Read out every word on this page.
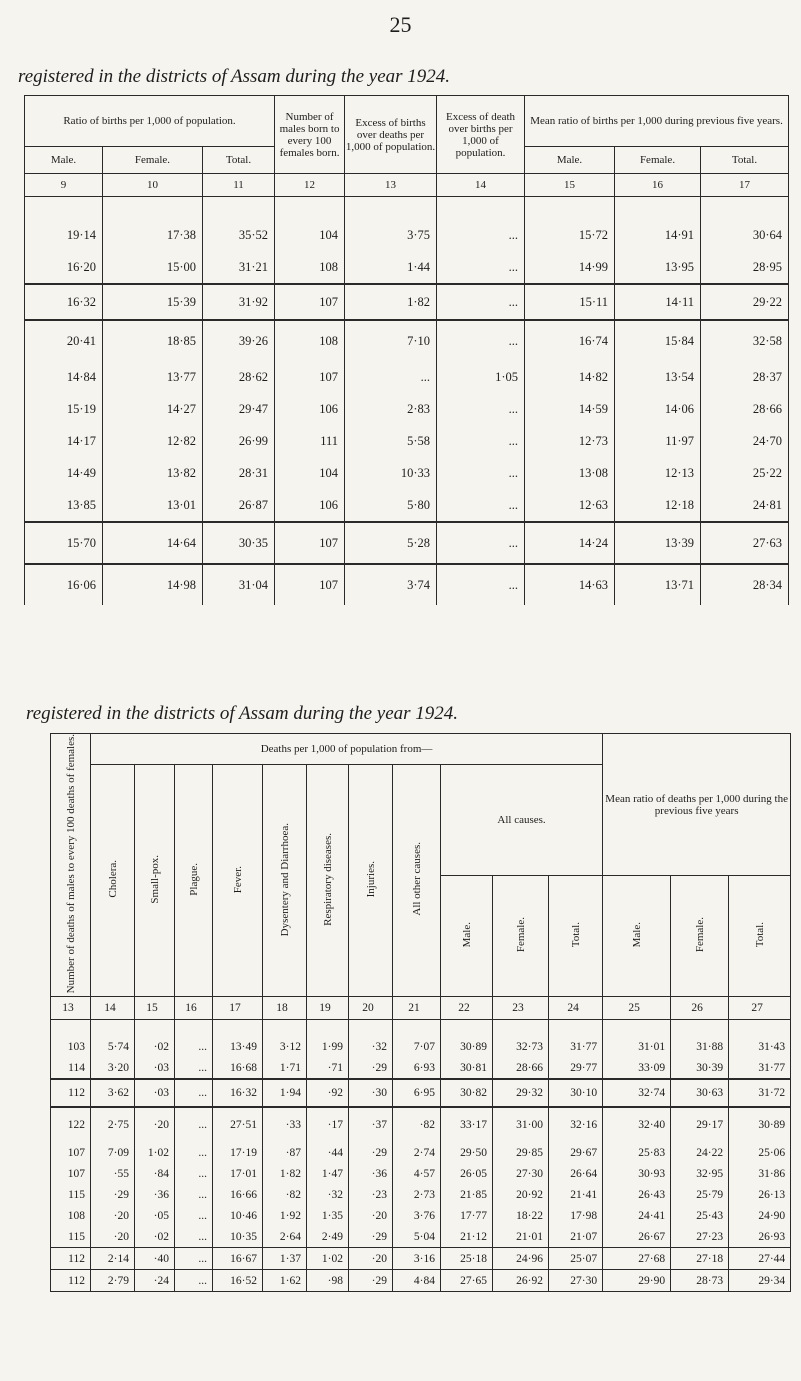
25
registered in the districts of Assam during the year 1924.
Ratio of births per 1,000 of population.			Number of males born to every 100 females born.	Excess of births over deaths per 1,000 of population.	Excess of death over births per 1,000 of population.	Mean ratio of births per 1,000 during previous five years.		
Male.	Female.	Total.				Male.	Female.	Total.
9	10	11	12	13	14	15	16	17

19·14	17·38	35·52	104	3·75	...	15·72	14·91	30·64
16·20	15·00	31·21	108	1·44	...	14·99	13·95	28·95
16·32	15·39	31·92	107	1·82	...	15·11	14·11	29·22
20·41	18·85	39·26	108	7·10	...	16·74	15·84	32·58
14·84	13·77	28·62	107	...	1·05	14·82	13·54	28·37
15·19	14·27	29·47	106	2·83	...	14·59	14·06	28·66
14·17	12·82	26·99	111	5·58	...	12·73	11·97	24·70
14·49	13·82	28·31	104	10·33	...	13·08	12·13	25·22
13·85	13·01	26·87	106	5·80	...	12·63	12·18	24·81
15·70	14·64	30·35	107	5·28	...	14·24	13·39	27·63
16·06	14·98	31·04	107	3·74	...	14·63	13·71	28·34
registered in the districts of Assam during the year 1924.
Number of deaths of males to every 100 deaths of females.	Deaths per 1,000 of population from—											Mean ratio of deaths per 1,000 during the previous five years		
	Cholera.	Small-pox.	Plague.	Fever.	Dysentery and Diarrhoea.	Respiratory diseases.	Injuries.	All other causes.	All causes.					
									Male.	Female.	Total.	Male.	Female.	Total.
13	14	15	16	17	18	19	20	21	22	23	24	25	26	27

103	5·74	·02	...	13·49	3·12	1·99	·32	7·07	30·89	32·73	31·77	31·01	31·88	31·43
114	3·20	·03	...	16·68	1·71	·71	·29	6·93	30·81	28·66	29·77	33·09	30·39	31·77
112	3·62	·03	...	16·32	1·94	·92	·30	6·95	30·82	29·32	30·10	32·74	30·63	31·72
122	2·75	·20	...	27·51	·33	·17	·37	·82	33·17	31·00	32·16	32·40	29·17	30·89
107	7·09	1·02	...	17·19	·87	·44	·29	2·74	29·50	29·85	29·67	25·83	24·22	25·06
107	·55	·84	...	17·01	1·82	1·47	·36	4·57	26·05	27·30	26·64	30·93	32·95	31·86
115	·29	·36	...	16·66	·82	·32	·23	2·73	21·85	20·92	21·41	26·43	25·79	26·13
108	·20	·05	...	10·46	1·92	1·35	·20	3·76	17·77	18·22	17·98	24·41	25·43	24·90
115	·20	·02	...	10·35	2·64	2·49	·29	5·04	21·12	21·01	21·07	26·67	27·23	26·93
112	2·14	·40	...	16·67	1·37	1·02	·20	3·16	25·18	24·96	25·07	27·68	27·18	27·44
112	2·79	·24	...	16·52	1·62	·98	·29	4·84	27·65	26·92	27·30	29·90	28·73	29·34
